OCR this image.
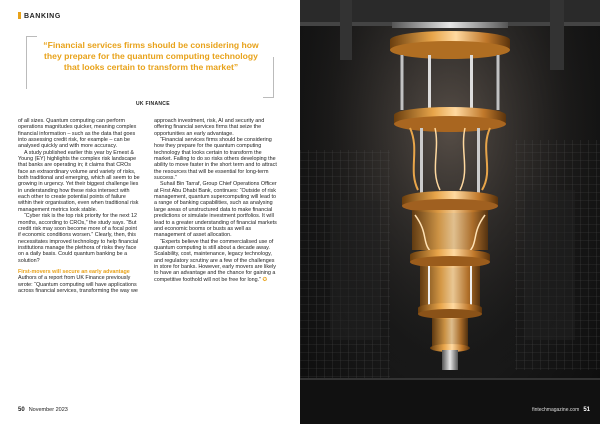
BANKING
“Financial services firms should be considering how they prepare for the quantum computing technology that looks certain to transform the market”
UK FINANCE

of all sizes. Quantum computing can perform operations magnitudes quicker, meaning complex financial information – such as the data that goes into assessing credit risk, for example – can be analysed quickly and with more accuracy.

A study published earlier this year by Ernest & Young (EY) highlights the complex risk landscape that banks are operating in; it claims that CROs face an extraordinary volume and variety of risks, both traditional and emerging, which all seem to be growing in urgency. Yet their biggest challenge lies in understanding how these risks intersect with each other to create potential points of failure within their organisation, even when traditional risk management metrics look stable.

“Cyber risk is the top risk priority for the next 12 months, according to CROs,” the study says. “But credit risk may soon become more of a focal point if economic conditions worsen.” Clearly, then, this necessitates improved technology to help financial institutions manage the plethora of risks they face on a daily basis. Could quantum banking be a solution?

First-movers will secure an early advantage

Authors of a report from UK Finance previously wrote: “Quantum computing will have applications across financial services, transforming the way we

approach investment, risk, AI and security and offering financial services firms that seize the opportunities an early advantage.

“Financial services firms should be considering how they prepare for the quantum computing technology that looks certain to transform the market. Failing to do so risks others developing the ability to move faster in the short term and to attract the resources that will be essential for long-term success.”

Suhail Bin Tarraf, Group Chief Operations Officer at First Abu Dhabi Bank, continues: “Outside of risk management, quantum supercomputing will lead to a range of banking capabilities, such as analysing large areas of unstructured data to make financial predictions or simulate investment portfolios. It will lead to a greater understanding of financial markets and economic booms or busts as well as management of asset allocation.

“Experts believe that the commercialised use of quantum computing is still about a decade away. Scalability, cost, maintenance, legacy technology, and regulatory scrutiny are a few of the challenges in store for banks. However, early movers are likely to have an advantage and the chance for gaining a competitive foothold will not be free for long.” ✪

50 November 2023	fintechmagazine.com 51
